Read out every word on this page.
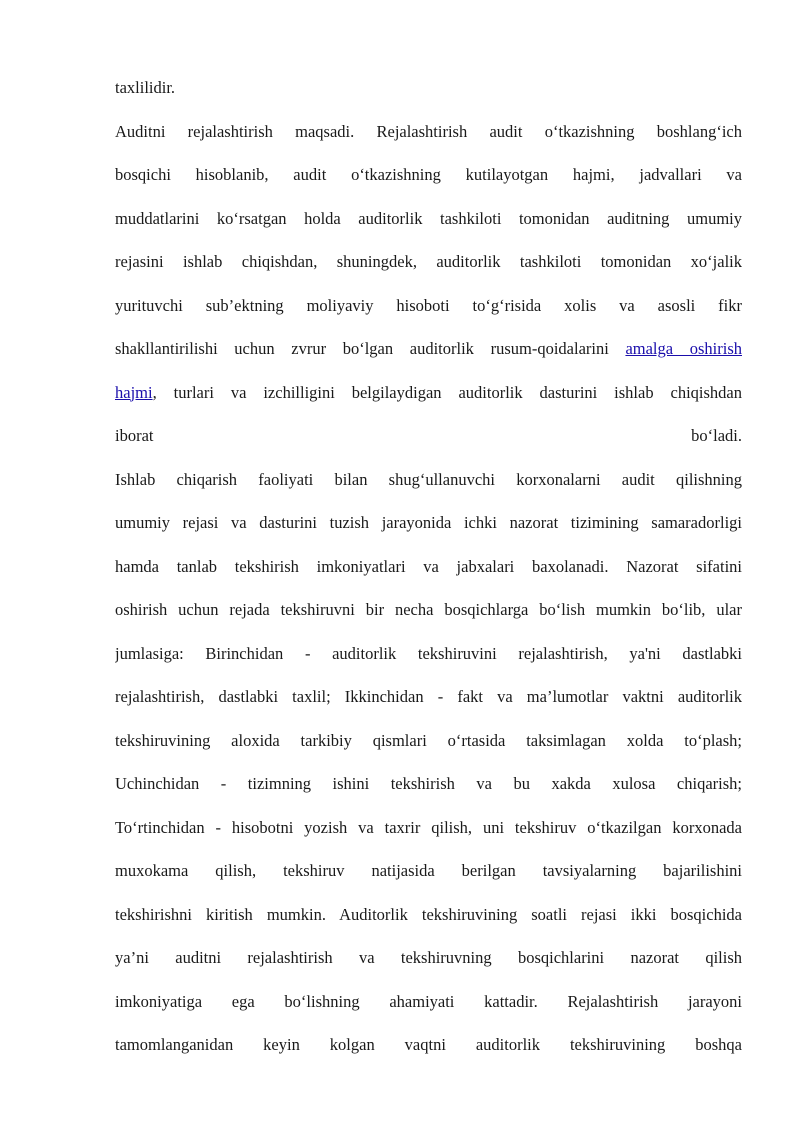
taxlilidir.
Auditni rejalashtirish maqsadi. Rejalashtirish audit o‘tkazishning boshlang‘ich
bosqichi hisoblanib, audit o‘tkazishning kutilayotgan hajmi, jadvallari va
muddatlarini ko‘rsatgan holda auditorlik tashkiloti tomonidan auditning umumiy
rejasini ishlab chiqishdan, shuningdek, auditorlik tashkiloti tomonidan xo‘jalik
yurituvchi sub’ektning moliyaviy hisoboti to‘g‘risida xolis va asosli fikr
shakllantirilishi uchun zvrur bo‘lgan auditorlik rusum-qoidalarini amalga oshirish
hajmi, turlari va izchilligini belgilaydigan auditorlik dasturini ishlab chiqishdan
iborat bo‘ladi.
Ishlab chiqarish faoliyati bilan shug‘ullanuvchi korxonalarni audit qilishning
umumiy rejasi va dasturini tuzish jarayonida ichki nazorat tizimining samaradorligi
hamda tanlab tekshirish imkoniyatlari va jabxalari baxolanadi. Nazorat sifatini
oshirish uchun rejada tekshiruvni bir necha bosqichlarga bo‘lish mumkin bo‘lib, ular
jumlasiga: Birinchidan - auditorlik tekshiruvini rejalashtirish, ya'ni dastlabki
rejalashtirish, dastlabki taxlil; Ikkinchidan - fakt va ma’lumotlar vaktni auditorlik
tekshiruvining aloxida tarkibiy qismlari o‘rtasida taksimlagan xolda to‘plash;
Uchinchidan - tizimning ishini tekshirish va bu xakda xulosa chiqarish;
To‘rtinchidan - hisobotni yozish va taxrir qilish, uni tekshiruv o‘tkazilgan korxonada
muxokama qilish, tekshiruv natijasida berilgan tavsiyalarning bajarilishini
tekshirishni kiritish mumkin. Auditorlik tekshiruvining soatli rejasi ikki bosqichida
ya’ni auditni rejalashtirish va tekshiruvning bosqichlarini nazorat qilish
imkoniyatiga ega bo‘lishning ahamiyati kattadir. Rejalashtirish jarayoni
tamomlanganidan keyin kolgan vaqtni auditorlik tekshiruvining boshqa
